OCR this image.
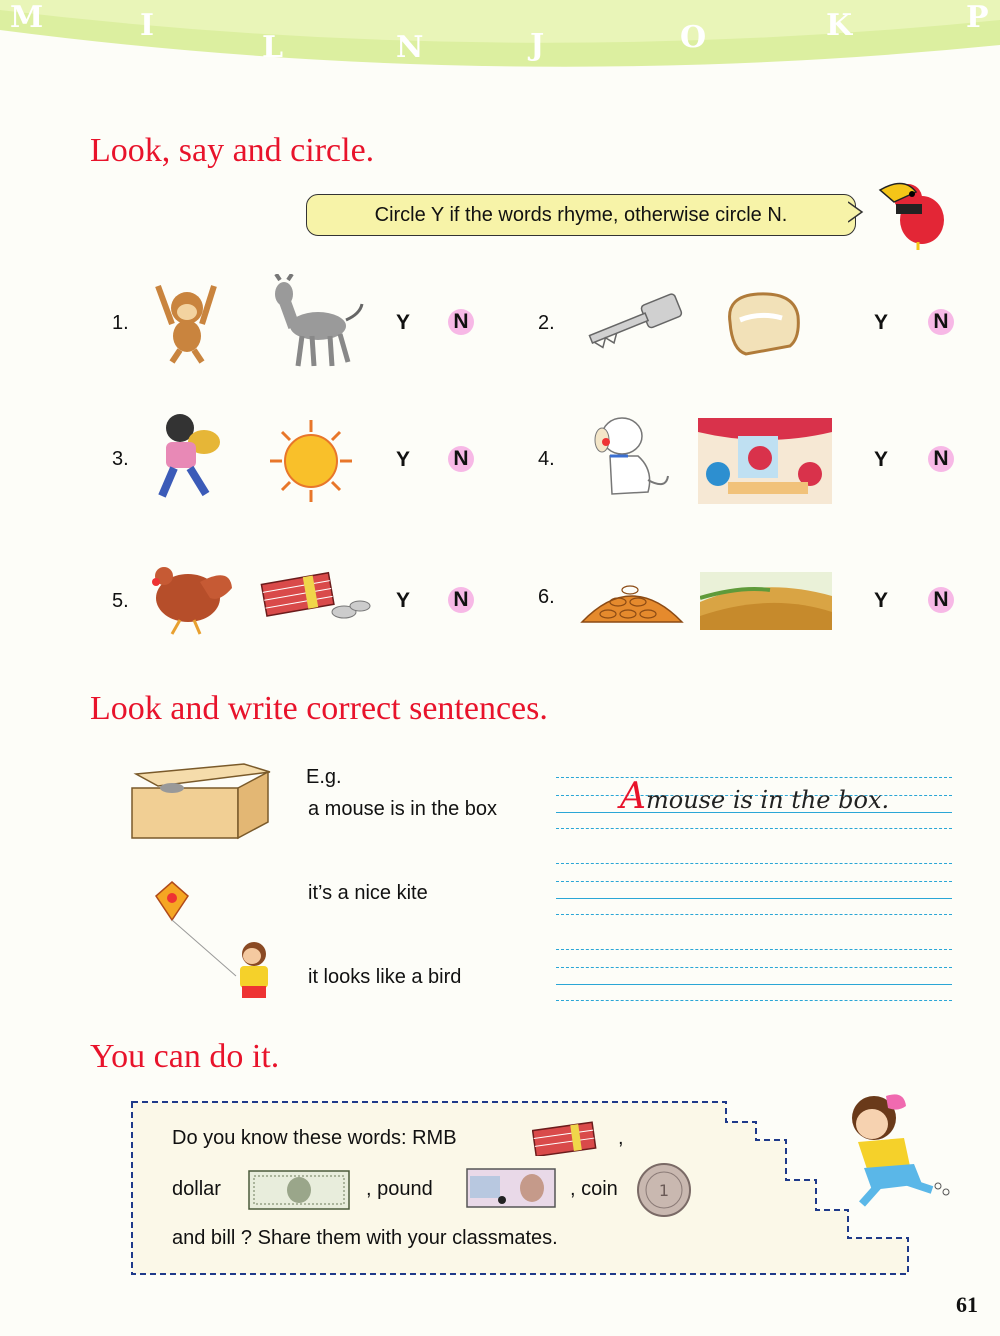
M	I
L	N	J	O	K	P
Look, say and circle.
Circle Y if the words rhyme, otherwise circle N.
1.	Y N	2.	Y N
3.	Y N	4.	Y N
5.	Y N	6.	Y N
Look and write correct sentences.
E.g.
a mouse is in the box
it’s a nice kite
it looks like a bird
Amouse is in the box.
You can do it.
Do you know these words: RMB	,
dollar	, pound	, coin	1
and bill ? Share them with your classmates.
61
